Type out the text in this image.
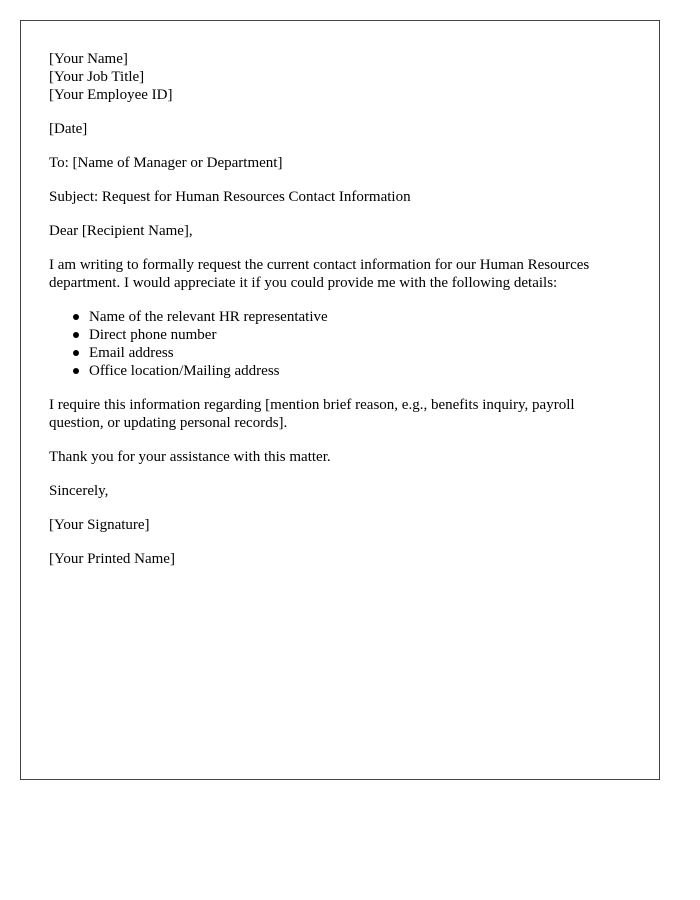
[Your Name]
[Your Job Title]
[Your Employee ID]
[Date]
To: [Name of Manager or Department]
Subject: Request for Human Resources Contact Information
Dear [Recipient Name],
I am writing to formally request the current contact information for our Human Resources
department. I would appreciate it if you could provide me with the following details:
Name of the relevant HR representative
Direct phone number
Email address
Office location/Mailing address
I require this information regarding [mention brief reason, e.g., benefits inquiry, payroll
question, or updating personal records].
Thank you for your assistance with this matter.
Sincerely,
[Your Signature]
[Your Printed Name]
